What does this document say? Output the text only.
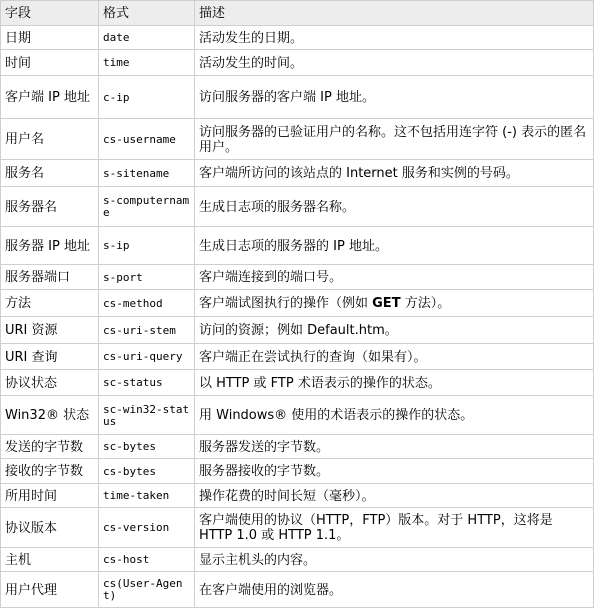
字段	格式	描述
日期	date	活动发生的日期。
时间	time	活动发生的时间。
客户端 IP 地址	c-ip	访问服务器的客户端 IP 地址。
用户名	cs-username	访问服务器的已验证用户的名称。这不包括用连字符 (-) 表示的匿名用户。
服务名	s-sitename	客户端所访问的该站点的 Internet 服务和实例的号码。
服务器名	s-computername	生成日志项的服务器名称。
服务器 IP 地址	s-ip	生成日志项的服务器的 IP 地址。
服务器端口	s-port	客户端连接到的端口号。
方法	cs-method	客户端试图执行的操作（例如 GET 方法）。
URI 资源	cs-uri-stem	访问的资源；例如 Default.htm。
URI 查询	cs-uri-query	客户端正在尝试执行的查询（如果有）。
协议状态	sc-status	以 HTTP 或 FTP 术语表示的操作的状态。
Win32® 状态	sc-win32-status	用 Windows® 使用的术语表示的操作的状态。
发送的字节数	sc-bytes	服务器发送的字节数。
接收的字节数	cs-bytes	服务器接收的字节数。
所用时间	time-taken	操作花费的时间长短（毫秒）。
协议版本	cs-version	客户端使用的协议（HTTP，FTP）版本。对于 HTTP，这将是 HTTP 1.0 或 HTTP 1.1。
主机	cs-host	显示主机头的内容。
用户代理	cs(User-Agent)	在客户端使用的浏览器。
